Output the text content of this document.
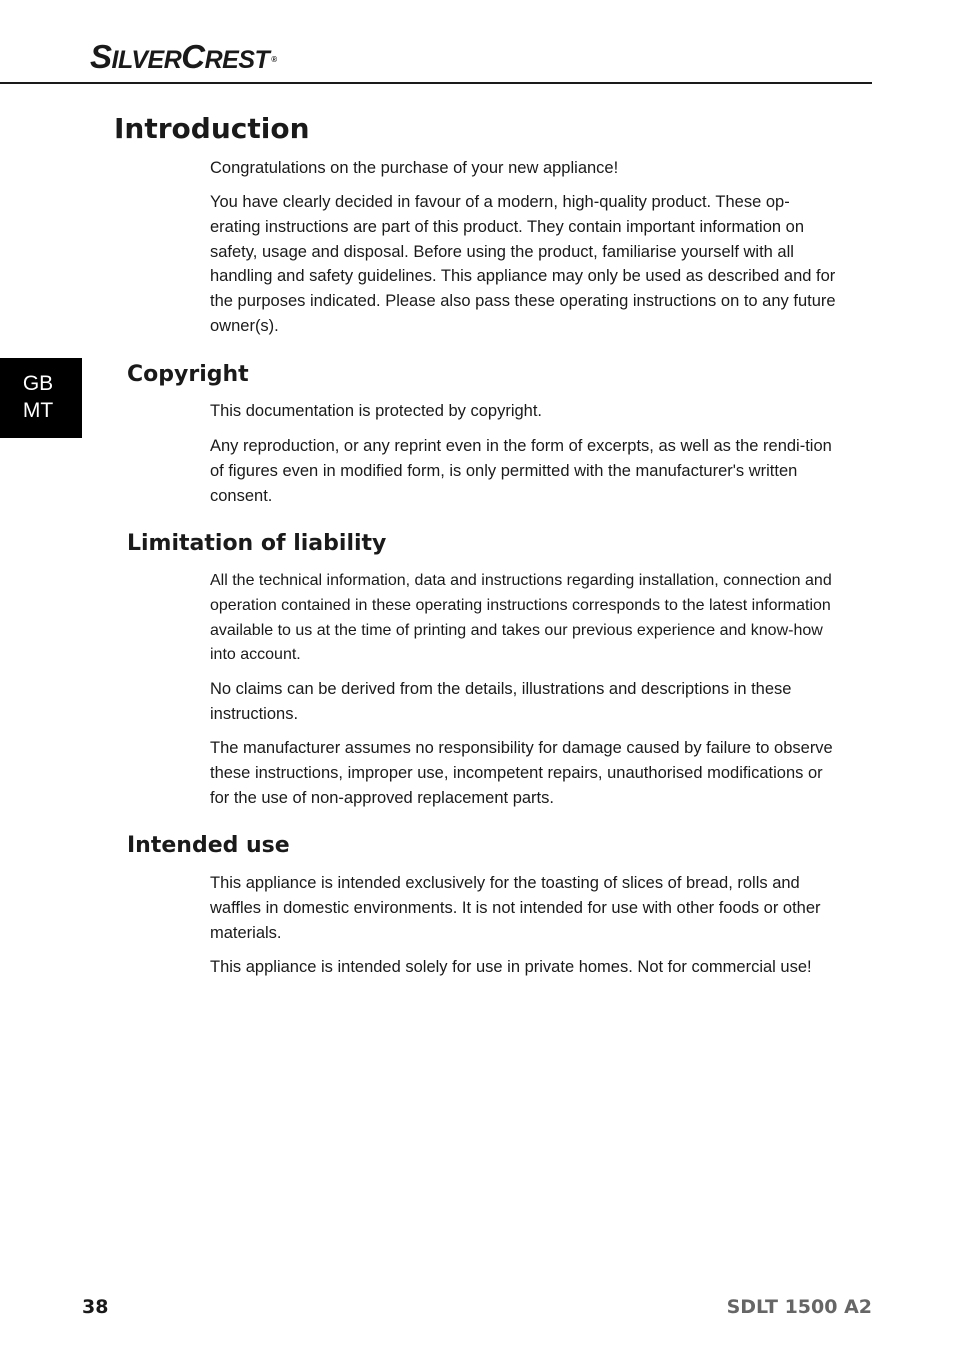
SILVERCREST ®
GB
MT
Introduction

Congratulations on the purchase of your new appliance!

You have clearly decided in favour of a modern, high-quality product. These op-erating instructions are part of this product. They contain important information on safety, usage and disposal. Before using the product, familiarise yourself with all handling and safety guidelines. This appliance may only be used as described and for the purposes indicated. Please also pass these operating instructions on to any future owner(s).

Copyright

This documentation is protected by copyright.

Any reproduction, or any reprint even in the form of excerpts, as well as the rendi-tion of figures even in modified form, is only permitted with the manufacturer's written consent.

Limitation of liability

All the technical information, data and instructions regarding installation, connection and operation contained in these operating instructions corresponds to the latest information available to us at the time of printing and takes our previous experience and know-how into account.

No claims can be derived from the details, illustrations and descriptions in these instructions.

The manufacturer assumes no responsibility for damage caused by failure to observe these instructions, improper use, incompetent repairs, unauthorised modifications or for the use of non-approved replacement parts.

Intended use

This appliance is intended exclusively for the toasting of slices of bread, rolls and waffles in domestic environments. It is not intended for use with other foods or other materials.

This appliance is intended solely for use in private homes. Not for commercial use!

38	SDLT 1500 A2
